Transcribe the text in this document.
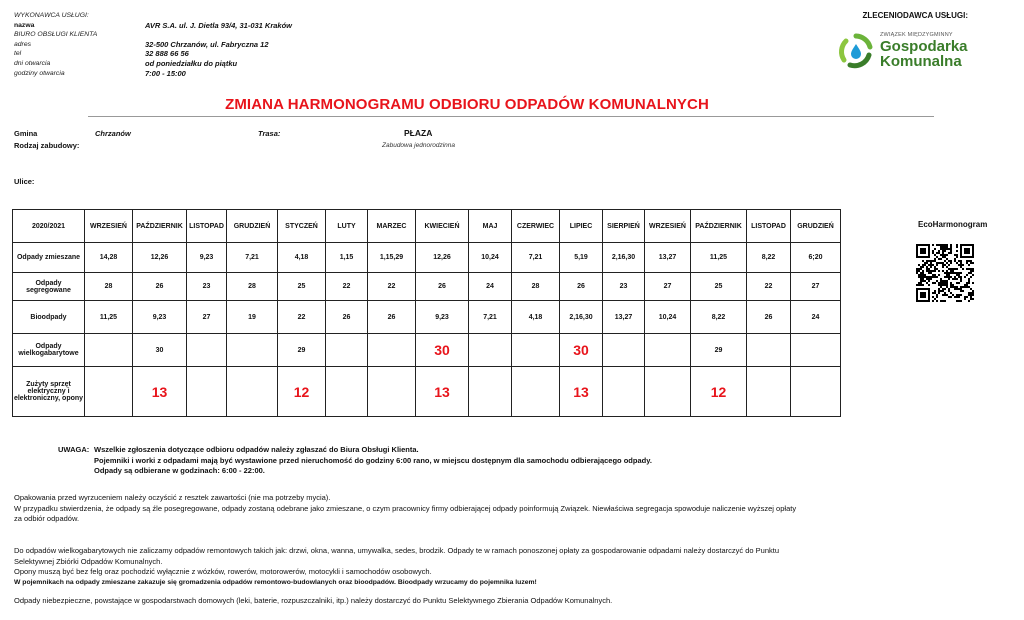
WYKONAWCA USŁUGI:
nazwa	AVR S.A. ul. J. Dietla 93/4, 31-031 Kraków
BIURO OBSŁUGI KLIENTA
adres	32-500 Chrzanów, ul. Fabryczna 12
tel	32 888 66 56
dni otwarcia	od poniedziałku do piątku
godziny otwarcia	7:00 - 15:00
ZLECENIODAWCA USŁUGI:
ZWIĄZEK MIĘDZYGMINNY
Gospodarka
Komunalna
ZMIANA HARMONOGRAMU ODBIORU ODPADÓW KOMUNALNYCH
Gmina	Chrzanów	Trasa:	PŁAZA
Rodzaj zabudowy:	Zabudowa jednorodzinna
Ulice:
2020/2021	WRZESIEŃ	PAŹDZIERNIK	LISTOPAD	GRUDZIEŃ	STYCZEŃ	LUTY	MARZEC	KWIECIEŃ	MAJ	CZERWIEC	LIPIEC	SIERPIEŃ	WRZESIEŃ	PAŹDZIERNIK	LISTOPAD	GRUDZIEŃ
Odpady zmieszane	14,28	12,26	9,23	7,21	4,18	1,15	1,15,29	12,26	10,24	7,21	5,19	2,16,30	13,27	11,25	8,22	6;20
Odpady segregowane	28	26	23	28	25	22	22	26	24	28	26	23	27	25	22	27
Bioodpady	11,25	9,23	27	19	22	26	26	9,23	7,21	4,18	2,16,30	13,27	10,24	8,22	26	24
Odpady wielkogabarytowe		30			29			30			30			29		
Zużyty sprzęt elektryczny i elektroniczny, opony		13			12			13			13			12		
EcoHarmonogram
UWAGA: Wszelkie zgłoszenia dotyczące odbioru odpadów należy zgłaszać do Biura Obsługi Klienta.
Pojemniki i worki z odpadami mają być wystawione przed nieruchomość do godziny 6:00 rano, w miejscu dostępnym dla samochodu odbierającego odpady.
Odpady są odbierane w godzinach: 6:00 - 22:00.
Opakowania przed wyrzuceniem należy oczyścić z resztek zawartości (nie ma potrzeby mycia).
W przypadku stwierdzenia, że odpady są źle posegregowane, odpady zostaną odebrane jako zmieszane, o czym pracownicy firmy odbierającej odpady poinformują Związek. Niewłaściwa segregacja spowoduje naliczenie wyższej opłaty
za odbiór odpadów.
Do odpadów wielkogabarytowych nie zaliczamy odpadów remontowych takich jak: drzwi, okna, wanna, umywalka, sedes, brodzik. Odpady te w ramach ponoszonej opłaty za gospodarowanie odpadami należy dostarczyć do Punktu
Selektywnej Zbiórki Odpadów Komunalnych.
Opony muszą być bez felg oraz pochodzić wyłącznie z wózków, rowerów, motorowerów, motocykli i samochodów osobowych.
W pojemnikach na odpady zmieszane zakazuje się gromadzenia odpadów remontowo-budowlanych oraz bioodpadów. Bioodpady wrzucamy do pojemnika luzem!
Odpady niebezpieczne, powstające w gospodarstwach domowych (leki, baterie, rozpuszczalniki, itp.) należy dostarczyć do Punktu Selektywnego Zbierania Odpadów Komunalnych.
